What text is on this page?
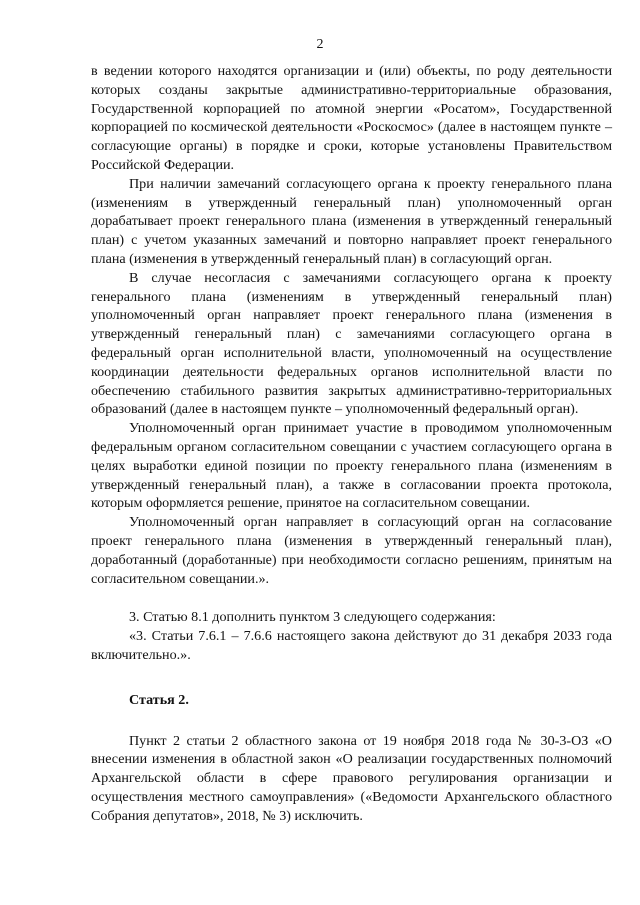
2

в ведении которого находятся организации и (или) объекты, по роду деятельности которых созданы закрытые административно-территориальные образования, Государственной корпорацией по атомной энергии «Росатом», Государственной корпорацией по космической деятельности «Роскосмос» (далее в настоящем пункте – согласующие органы) в порядке и сроки, которые установлены Правительством Российской Федерации.

При наличии замечаний согласующего органа к проекту генерального плана (изменениям в утвержденный генеральный план) уполномоченный орган дорабатывает проект генерального плана (изменения в утвержденный генеральный план) с учетом указанных замечаний и повторно направляет проект генерального плана (изменения в утвержденный генеральный план) в согласующий орган.

В случае несогласия с замечаниями согласующего органа к проекту генерального плана (изменениям в утвержденный генеральный план) уполномоченный орган направляет проект генерального плана (изменения в утвержденный генеральный план) с замечаниями согласующего органа в федеральный орган исполнительной власти, уполномоченный на осуществление координации деятельности федеральных органов исполнительной власти по обеспечению стабильного развития закрытых административно-территориальных образований (далее в настоящем пункте – уполномоченный федеральный орган).

Уполномоченный орган принимает участие в проводимом уполномоченным федеральным органом согласительном совещании с участием согласующего органа в целях выработки единой позиции по проекту генерального плана (изменениям в утвержденный генеральный план), а также в согласовании проекта протокола, которым оформляется решение, принятое на согласительном совещании.

Уполномоченный орган направляет в согласующий орган на согласование проект генерального плана (изменения в утвержденный генеральный план), доработанный (доработанные) при необходимости согласно решениям, принятым на согласительном совещании.».

3. Статью 8.1 дополнить пунктом 3 следующего содержания:

«3. Статьи 7.6.1 – 7.6.6 настоящего закона действуют до 31 декабря 2033 года включительно.».

Статья 2.

Пункт 2 статьи 2 областного закона от 19 ноября 2018 года № 30-3-ОЗ «О внесении изменения в областной закон «О реализации государственных полномочий Архангельской области в сфере правового регулирования организации и осуществления местного самоуправления» («Ведомости Архангельского областного Собрания депутатов», 2018, № 3) исключить.
